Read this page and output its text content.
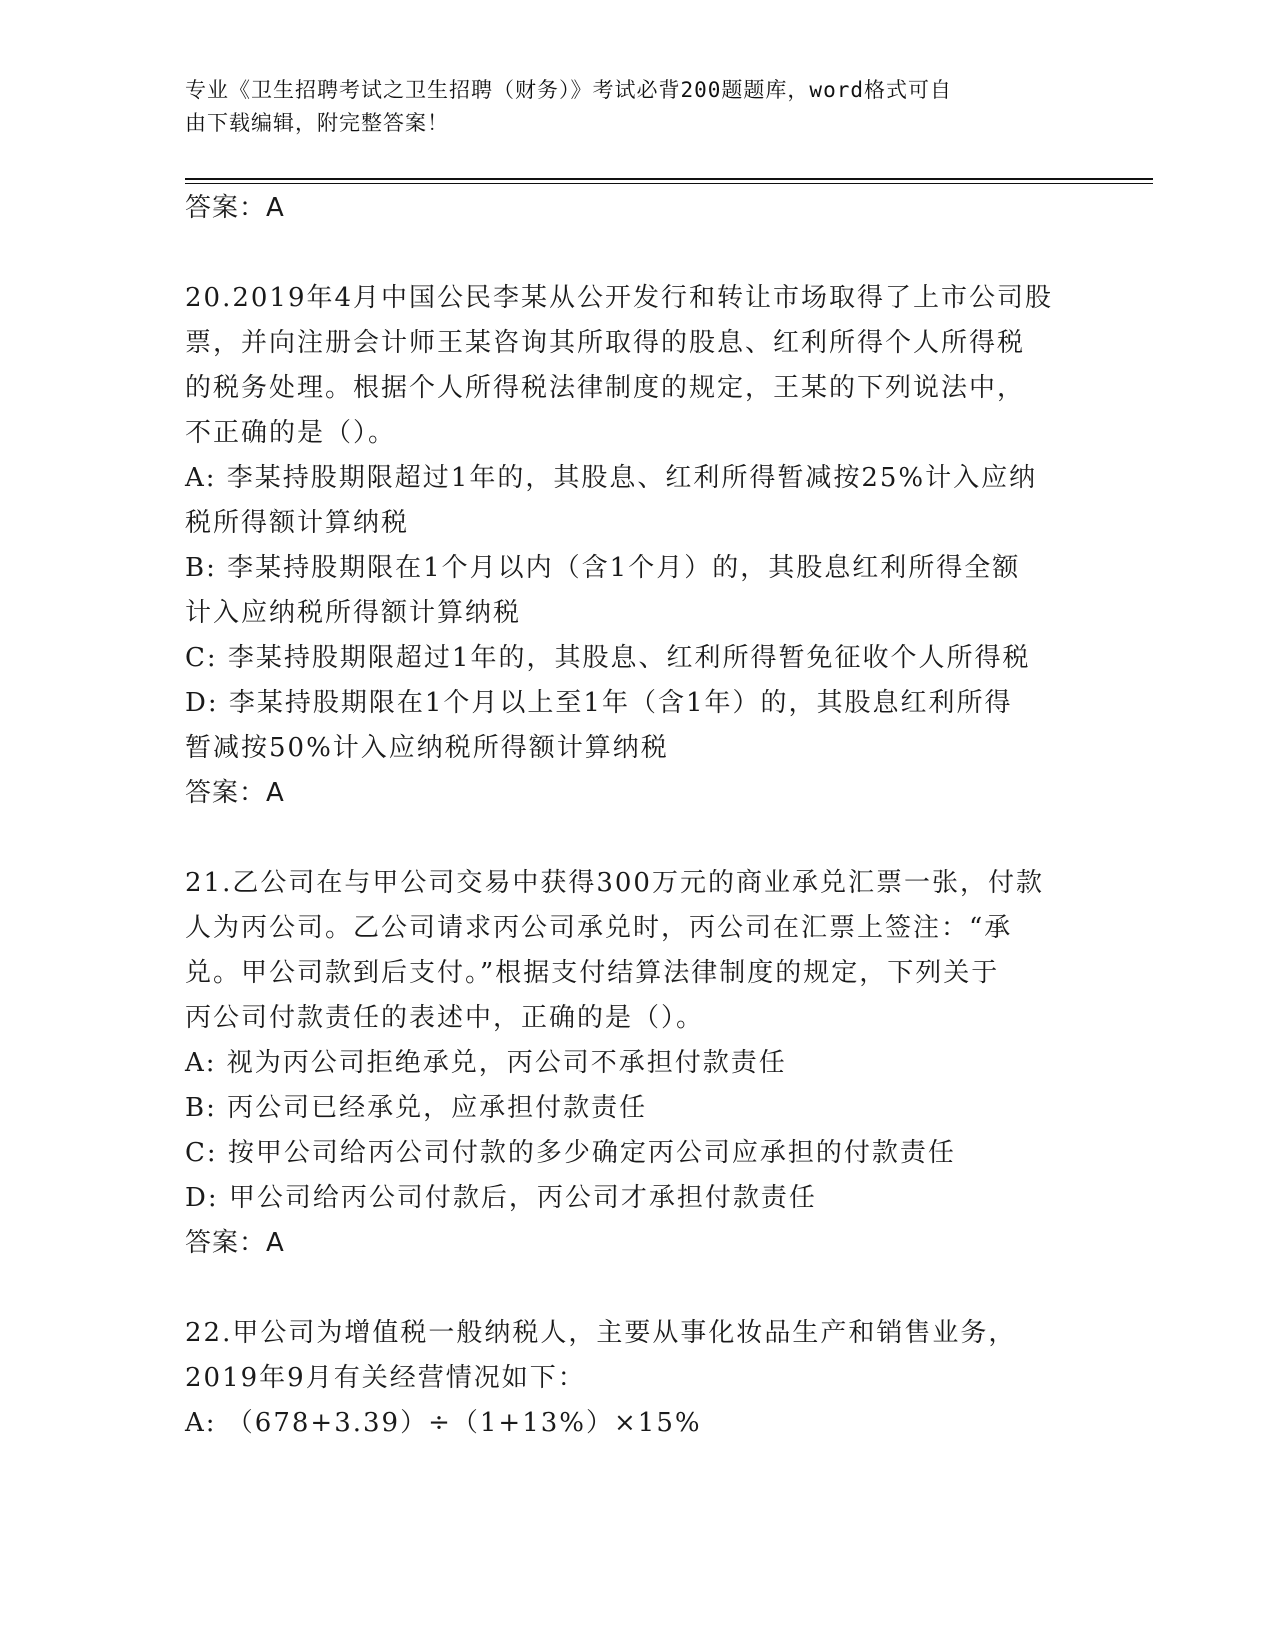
专业《卫生招聘考试之卫生招聘（财务）》考试必背200题题库，word格式可自
由下载编辑，附完整答案！

答案：A

20.2019年4月中国公民李某从公开发行和转让市场取得了上市公司股

票，并向注册会计师王某咨询其所取得的股息、红利所得个人所得税

的税务处理。根据个人所得税法律制度的规定，王某的下列说法中，

不正确的是（）。

A: 李某持股期限超过1年的，其股息、红利所得暂减按25%计入应纳

税所得额计算纳税

B: 李某持股期限在1个月以内（含1个月）的，其股息红利所得全额

计入应纳税所得额计算纳税

C: 李某持股期限超过1年的，其股息、红利所得暂免征收个人所得税

D: 李某持股期限在1个月以上至1年（含1年）的，其股息红利所得

暂减按50%计入应纳税所得额计算纳税

答案：A

21.乙公司在与甲公司交易中获得300万元的商业承兑汇票一张，付款

人为丙公司。乙公司请求丙公司承兑时，丙公司在汇票上签注：“承

兑。甲公司款到后支付。”根据支付结算法律制度的规定，下列关于

丙公司付款责任的表述中，正确的是（）。

A: 视为丙公司拒绝承兑，丙公司不承担付款责任

B: 丙公司已经承兑，应承担付款责任

C: 按甲公司给丙公司付款的多少确定丙公司应承担的付款责任

D: 甲公司给丙公司付款后，丙公司才承担付款责任

答案：A

22.甲公司为增值税一般纳税人，主要从事化妆品生产和销售业务，

2019年9月有关经营情况如下：

A: （678+3.39）÷（1+13%）×15%
